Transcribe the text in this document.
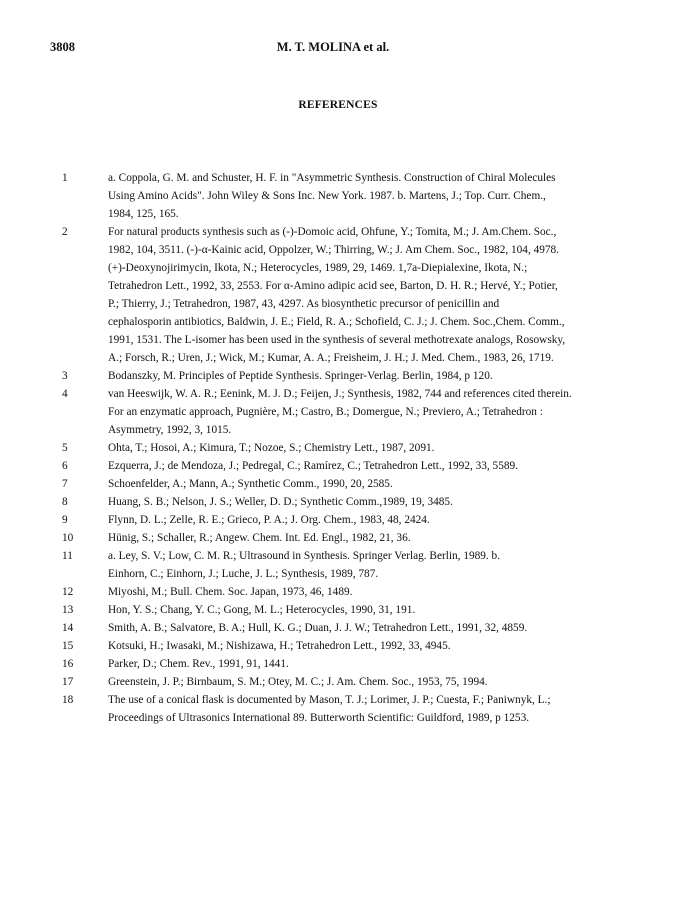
3808	M. T. MOLINA et al.
REFERENCES
1	a. Coppola, G. M. and Schuster, H. F. in "Asymmetric Synthesis. Construction of Chiral Molecules
Using Amino Acids". John Wiley & Sons Inc. New York. 1987. b. Martens, J.; Top. Curr. Chem.,
1984, 125, 165.
2	For natural products synthesis such as (-)-Domoic acid, Ohfune, Y.; Tomita, M.; J. Am.Chem. Soc.,
1982, 104, 3511. (-)-α-Kainic acid, Oppolzer, W.; Thirring, W.; J. Am Chem. Soc., 1982, 104, 4978.
(+)-Deoxynojirimycin, Ikota, N.; Heterocycles, 1989, 29, 1469. 1,7a-Diepialexine, Ikota, N.;
Tetrahedron Lett., 1992, 33, 2553. For α-Amino adipic acid see, Barton, D. H. R.; Hervé, Y.; Potier,
P.; Thierry, J.; Tetrahedron, 1987, 43, 4297. As biosynthetic precursor of penicillin and
cephalosporin antibiotics, Baldwin, J. E.; Field, R. A.; Schofield, C. J.; J. Chem. Soc.,Chem. Comm.,
1991, 1531. The L-isomer has been used in the synthesis of several methotrexate analogs, Rosowsky,
A.; Forsch, R.; Uren, J.; Wick, M.; Kumar, A. A.; Freisheim, J. H.; J. Med. Chem., 1983, 26, 1719.
3	Bodanszky, M. Principles of Peptide Synthesis. Springer-Verlag. Berlin, 1984, p 120.
4	van Heeswijk, W. A. R.; Eenink, M. J. D.; Feijen, J.; Synthesis, 1982, 744 and references cited therein.
For an enzymatic approach, Pugnière, M.; Castro, B.; Domergue, N.; Previero, A.; Tetrahedron :
Asymmetry, 1992, 3, 1015.
5	Ohta, T.; Hosoi, A.; Kimura, T.; Nozoe, S.; Chemistry Lett., 1987, 2091.
6	Ezquerra, J.; de Mendoza, J.; Pedregal, C.; Ramírez, C.; Tetrahedron Lett., 1992, 33, 5589.
7	Schoenfelder, A.; Mann, A.; Synthetic Comm., 1990, 20, 2585.
8	Huang, S. B.; Nelson, J. S.; Weller, D. D.; Synthetic Comm.,1989, 19, 3485.
9	Flynn, D. L.; Zelle, R. E.; Grieco, P. A.; J. Org. Chem., 1983, 48, 2424.
10	Hünig, S.; Schaller, R.; Angew. Chem. Int. Ed. Engl., 1982, 21, 36.
11	a. Ley, S. V.; Low, C. M. R.; Ultrasound in Synthesis. Springer Verlag. Berlin, 1989. b.
Einhorn, C.; Einhorn, J.; Luche, J. L.; Synthesis, 1989, 787.
12	Miyoshi, M.; Bull. Chem. Soc. Japan, 1973, 46, 1489.
13	Hon, Y. S.; Chang, Y. C.; Gong, M. L.; Heterocycles, 1990, 31, 191.
14	Smith, A. B.; Salvatore, B. A.; Hull, K. G.; Duan, J. J. W.; Tetrahedron Lett., 1991, 32, 4859.
15	Kotsuki, H.; Iwasaki, M.; Nishizawa, H.; Tetrahedron Lett., 1992, 33, 4945.
16	Parker, D.; Chem. Rev., 1991, 91, 1441.
17	Greenstein, J. P.; Birnbaum, S. M.; Otey, M. C.; J. Am. Chem. Soc., 1953, 75, 1994.
18	The use of a conical flask is documented by Mason, T. J.; Lorimer, J. P.; Cuesta, F.; Paniwnyk, L.;
Proceedings of Ultrasonics International 89. Butterworth Scientific: Guildford, 1989, p 1253.
